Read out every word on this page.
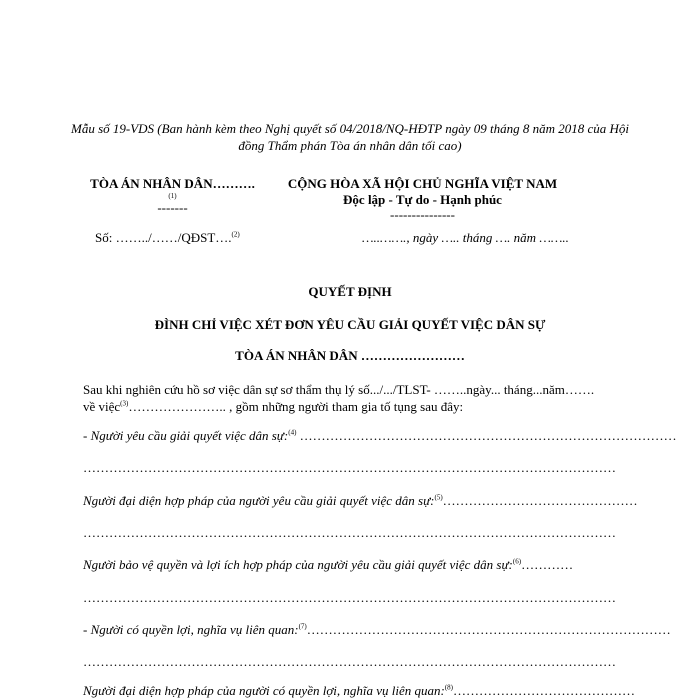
Mẫu số 19-VDS (Ban hành kèm theo Nghị quyết số 04/2018/NQ-HĐTP ngày 09 tháng 8 năm 2018 của Hội đồng Thẩm phán Tòa án nhân dân tối cao)
TÒA ÁN NHÂN DÂN……….
(1)
-------
CỘNG HÒA XÃ HỘI CHỦ NGHĨA VIỆT NAM
Độc lập - Tự do - Hạnh phúc
---------------
Số: ……../……/QĐST….$^{(2)}$	…..……., ngày ….. tháng …. năm ……..
QUYẾT ĐỊNH
ĐÌNH CHỈ VIỆC XÉT ĐƠN YÊU CẦU GIẢI QUYẾT VIỆC DÂN SỰ
TÒA ÁN NHÂN DÂN ……………………
Sau khi nghiên cứu hồ sơ việc dân sự sơ thẩm thụ lý số.../.../TLST- ……..ngày... tháng...năm……. về việc$^{(3)}$………………….. , gồm những người tham gia tố tụng sau đây:
- Người yêu cầu giải quyết việc dân sự:$^{(4)}$ ……………………………………………………………………………
……………………………………………………………………………………………………………
Người đại diện hợp pháp của người yêu cầu giải quyết việc dân sự:$^{(5)}$………………………………………
……………………………………………………………………………………………………………
Người bảo vệ quyền và lợi ích hợp pháp của người yêu cầu giải quyết việc dân sự:$^{(6)}$…………
……………………………………………………………………………………………………………
- Người có quyền lợi, nghĩa vụ liên quan:$^{(7)}$…………………………………………………………………………
……………………………………………………………………………………………………………
Người đại diện hợp pháp của người có quyền lợi, nghĩa vụ liên quan:$^{(8)}$……………………………………
